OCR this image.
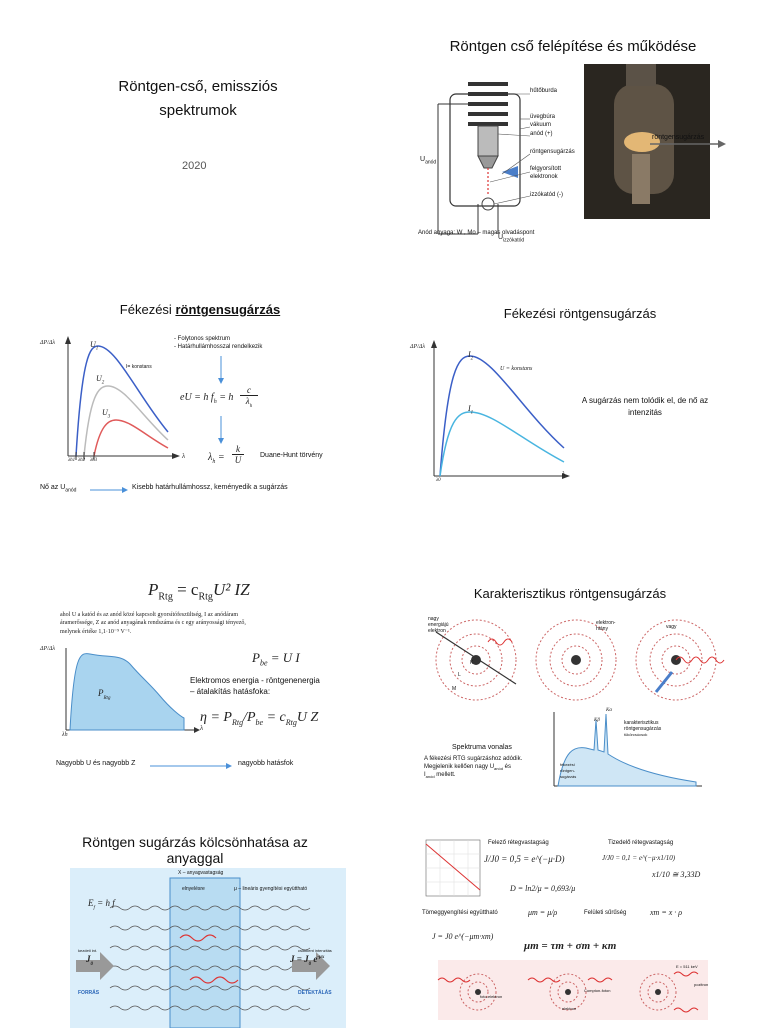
Röntgen-cső, emissziós
spektrumok
2020
Röntgen cső felépítése és működése
hűtőburda
üvegbúra
vákuum
anód (+)
röntgensugárzás
felgyorsított
elektronok
izzókatód (-)
$U_{anód}$
$U_{izzókatód}$
röntgensugárzás
Anód anyaga: W , Mo – magas olvadáspont
Fékezési röntgensugárzás
ΔP/Δλ
λ
$U_1$
$U_2$
$U_3$
I= konstans
λh1 λh2 λh3
- Folytonos spektrum
- Határhullámhosszal rendelkezik
eU = h $f_h = h$
c
$\lambda_h$
$\lambda_h$ =
k
U	Duane-Hunt törvény
Nő az $U_{anód}$	Kisebb határhullámhossz, keményedik a sugárzás
Fékezési röntgensugárzás
ΔP/Δλ
λ
λ0
$I_2$
$I_1$
U = konstans
A sugárzás nem tolódik el, de nő az
intenzitás
$P_{Rtg} = c_{Rtg}U^2$ IZ
ahol U a katód és az anód közé kapcsolt gyorsítófeszültség, I az anódáram
áramerőssége, Z az anód anyagának rendszáma és c egy arányossági tényező,
melynek értéke 1,1·10⁻⁹ V⁻¹.
ΔP/Δλ
λ
λh
$P_{Rtg}$
$P_{be} = U$ I
Elektromos energia - röntgenenergia
– átalakítás hatásfoka:
$\eta = P_{Rtg}/P_{be} = c_{Rtg}U$ Z
Nagyobb U és nagyobb Z	nagyobb hatásfok
Karakterisztikus röntgensugárzás
nagy
energiájú
elektron
elektron-
hiány	vagy
K
L
M
Spektruma vonalas
karakterisztikus
röntgensugárzás
tükörcsúcsok
fékezési
röntgen-
sugárzás
Kα
Kβ
A fékezési RTG sugárzáshoz adódik.
Megjelenik kellően nagy $U_{anód}$ és
$I_{anód}$ mellett.
Röntgen sugárzás kölcsönhatása az
anyaggal
X – anyagvastagság
elnyelésre	μ – lineáris gyengítési együttható
$E_f = h$ f
kezdeti int.
$J_0$
FORRÁS
csökkent intenzitás
$J = J_0$ $e^{-\mu x}$
DETEKTÁLÁS
Felező rétegvastagság	Tizedelő rétegvastagság
J/J0 = 0,5 = e^(−μ·D)	J/J0 = 0,1 = e^(−μ·x1/10)
D = ln2/μ = 0,693/μ
x1/10 ≅ 3,33D
Tömeggyengítési együttható	μm = μ/ρ	Felületi sűrűség	xm = x · ρ
J = J0 e^(−μm·xm)
μm = τm + σm + κm
foto-elektron
Compton-foton
elektron
pozitron
E = 511 keV
